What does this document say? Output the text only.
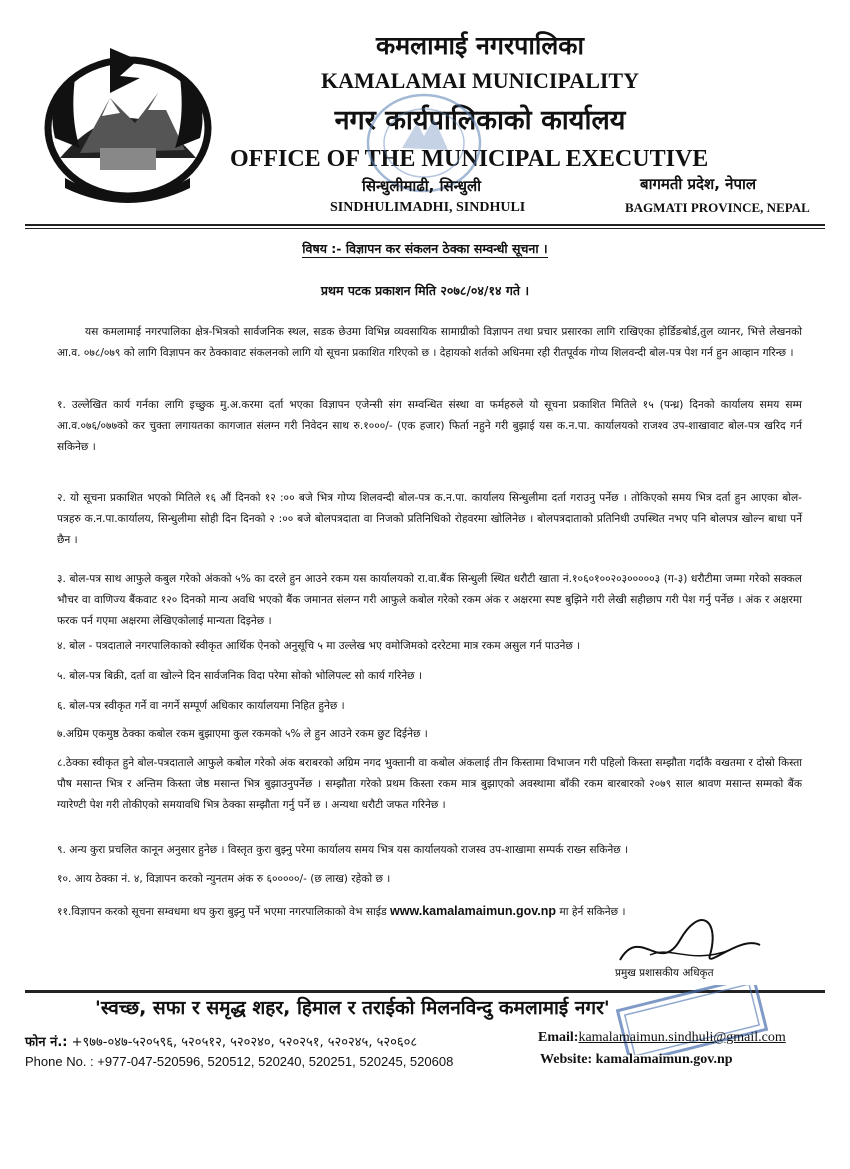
कमलामाई नगरपालिका
KAMALAMAI MUNICIPALITY
नगर कार्यपालिकाको कार्यालय
OFFICE OF THE MUNICIPAL EXECUTIVE
सिन्धुलीमाढी, सिन्धुली
SINDHULIMADHI, SINDHULI
बागमती प्रदेश, नेपाल
BAGMATI PROVINCE, NEPAL
विषय :- विज्ञापन कर संकलन ठेक्का सम्वन्धी सूचना ।
प्रथम पटक प्रकाशन मिति २०७८/०४/१४ गते ।
यस कमलामाई नगरपालिका क्षेत्र-भित्रको सार्वजनिक स्थल, सडक छेउमा विभिन्न व्यवसायिक सामाग्रीको विज्ञापन तथा प्रचार प्रसारका लागि राखिएका होर्डिङबोर्ड,तुल व्यानर, भित्ते लेखनको आ.व. ०७८/०७९ को लागि विज्ञापन कर ठेक्कावाट संकलनको लागि यो सूचना प्रकाशित गरिएको छ । देहायको शर्तको अधिनमा रही रीतपूर्वक गोप्य शिलवन्दी बोल-पत्र पेश गर्न हुन आव्हान गरिन्छ ।
१. उल्लेखित कार्य गर्नका लागि इच्छुक मु.अ.करमा दर्ता भएका विज्ञापन एजेन्सी संग सम्वन्धित संस्था वा फर्महरुले यो सूचना प्रकाशित मितिले १५ (पन्ध्र) दिनको कार्यालय समय सम्म आ.व.०७६/०७७को कर चुक्ता लगायतका कागजात संलग्न गरी निवेदन साथ रु.१०००/- (एक हजार) फिर्ता नहुने गरी बुझाई यस क.न.पा. कार्यालयको राजश्व उप-शाखावाट बोल-पत्र खरिद गर्न सकिनेछ ।
२. यो सूचना प्रकाशित भएको मितिले १६ औं दिनको १२ :०० बजे भित्र गोप्य शिलवन्दी बोल-पत्र क.न.पा. कार्यालय सिन्धुलीमा दर्ता गराउनु पर्नेछ । तोकिएको समय भित्र दर्ता हुन आएका बोल- पत्रहरु क.न.पा.कार्यालय, सिन्धुलीमा सोही दिन दिनको २ :०० बजे बोलपत्रदाता वा निजको प्रतिनिधिको रोहवरमा खोलिनेछ । बोलपत्रदाताको प्रतिनिधी उपस्थित नभए पनि बोलपत्र खोल्न बाधा पर्ने छैन ।
३. बोल-पत्र साथ आफुले कबुल गरेको अंकको ५% का दरले हुन आउने रकम यस कार्यालयको रा.वा.बैंक सिन्धुली स्थित धरौटी खाता नं.१०६०१००२०३०००००३ (ग-३) धरौटीमा जम्मा गरेको सक्कल भौचर वा वाणिज्य बैंकवाट १२० दिनको मान्य अवधि भएको बैंक जमानत संलग्न गरी आफुले कबोल गरेको रकम अंक र अक्षरमा स्पष्ट बुझिने गरी लेखी सहीछाप गरी पेश गर्नु पर्नेछ । अंक र अक्षरमा फरक पर्न गएमा अक्षरमा लेखिएकोलाई मान्यता दिइनेछ ।
४. बोल - पत्रदाताले नगरपालिकाको स्वीकृत आर्थिक ऐनको अनुसूचि ५ मा उल्लेख भए वमोजिमको दररेटमा मात्र रकम असुल गर्न पाउनेछ ।
५. बोल-पत्र बिक्री, दर्ता वा खोल्ने दिन सार्वजनिक विदा परेमा सोको भोलिपल्ट सो कार्य गरिनेछ ।
६. बोल-पत्र स्वीकृत गर्ने वा नगर्ने सम्पूर्ण अधिकार कार्यालयमा निहित हुनेछ ।
७.अग्रिम एकमुष्ठ ठेक्का कबोल रकम बुझाएमा कुल रकमको ५% ले हुन आउने रकम छुट दिईनेछ ।
८.ठेक्का स्वीकृत हुने बोल-पत्रदाताले आफुले कबोल गरेको अंक बराबरको अग्रिम नगद भुक्तानी वा कबोल अंकलाई तीन किस्तामा विभाजन गरी पहिलो किस्ता सम्झौता गर्दाकै वखतमा र दोस्रो किस्ता पौष मसान्त भित्र र अन्तिम किस्ता जेष्ठ मसान्त भित्र बुझाउनुपर्नेछ । सम्झौता गरेको प्रथम किस्ता रकम मात्र बुझाएको अवस्थामा बाँकी रकम बारबारको २०७९ साल श्रावण मसान्त सम्मको बैंक ग्यारेण्टी पेश गरी तोकीएको समयावधि भित्र ठेक्का सम्झौता गर्नु पर्ने छ । अन्यथा धरौटी जफत गरिनेछ ।
९. अन्य कुरा प्रचलित कानून अनुसार हुनेछ । विस्तृत कुरा बुझ्नु परेमा कार्यालय समय भित्र यस कार्यालयको राजस्व उप-शाखामा सम्पर्क राख्न सकिनेछ ।
१०. आय ठेक्का नं. ४, विज्ञापन करको न्युनतम अंक रु ६०००००/- (छ लाख) रहेको छ ।
११.विज्ञापन करको सूचना सम्वधमा थप कुरा बुझ्नु पर्ने भएमा नगरपालिकाको वेभ साईड www.kamalamaimun.gov.np मा हेर्न सकिनेछ ।
प्रमुख प्रशासकीय अधिकृत
'स्वच्छ, सफा र समृद्ध शहर, हिमाल र तराईको मिलनविन्दु कमलामाई नगर'
फोन नं.: +९७७-०४७-५२०५९६, ५२०५१२, ५२०२४०, ५२०२५१, ५२०२४५, ५२०६०८	Email:kamalamaimun.sindhuli@gmail.com
Phone No. : +977-047-520596, 520512, 520240, 520251, 520245, 520608	Website: kamalamaimun.gov.np
